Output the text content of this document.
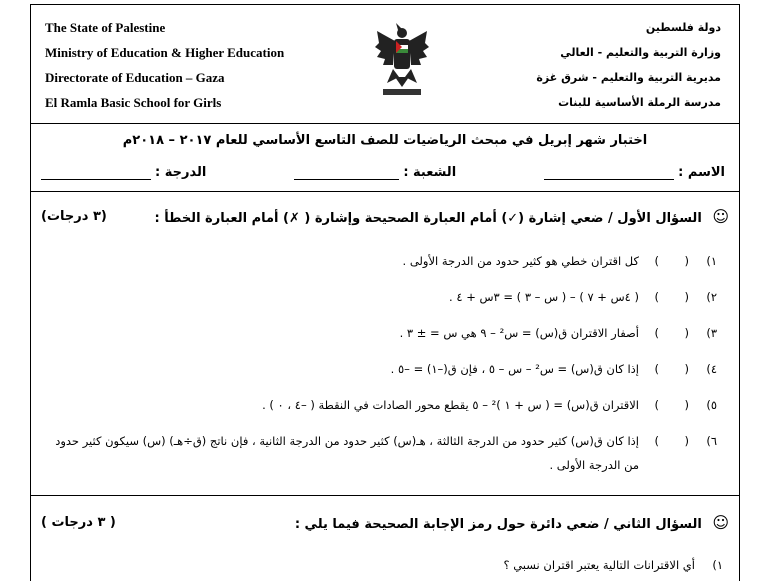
The State of Palestine
Ministry of Education & Higher Education
Directorate of Education – Gaza
El Ramla Basic School for Girls
دولة فلسطين
وزارة التربية والتعليم - العالي
مديرية التربية والتعليم - شرق غزة
مدرسة الرملة الأساسية للبنات
اختبار شهر إبريل في مبحث الرياضيات للصف التاسع الأساسي للعام ٢٠١٧ – ٢٠١٨م
الاسم :
الشعبة :
الدرجة :
☺ السؤال الأول / ضعي إشارة (✓) أمام العبارة الصحيحة وإشارة ( ✗) أمام العبارة الخطأ :
(٣ درجات)
١)
(       )
كل اقتران خطي هو كثير حدود من الدرجة الأولى .
٢)
(       )
( ٤س + ٧ ) – ( س – ٣ ) = ٣س + ٤ .
٣)
(       )
أصفار الاقتران ق(س) = س² – ٩ هي س = ± ٣ .
٤)
(       )
إذا كان ق(س) = س² – س – ٥ ، فإن ق(–١) = –٥ .
٥)
(       )
الاقتران ق(س) = ( س + ١ )² – ٥ يقطع محور الصادات في النقطة ( –٤ ، ٠ ) .
٦)
(       )
إذا كان ق(س) كثير حدود من الدرجة الثالثة ، هـ(س) كثير حدود من الدرجة الثانية ، فإن ناتج (ق÷هـ) (س) سيكون كثير حدود من الدرجة الأولى .
☺ السؤال الثاني / ضعي دائرة حول رمز الإجابة الصحيحة فيما يلي :
( ٣ درجات )
١)
أي الاقترانات التالية يعتبر اقتران نسبي ؟
